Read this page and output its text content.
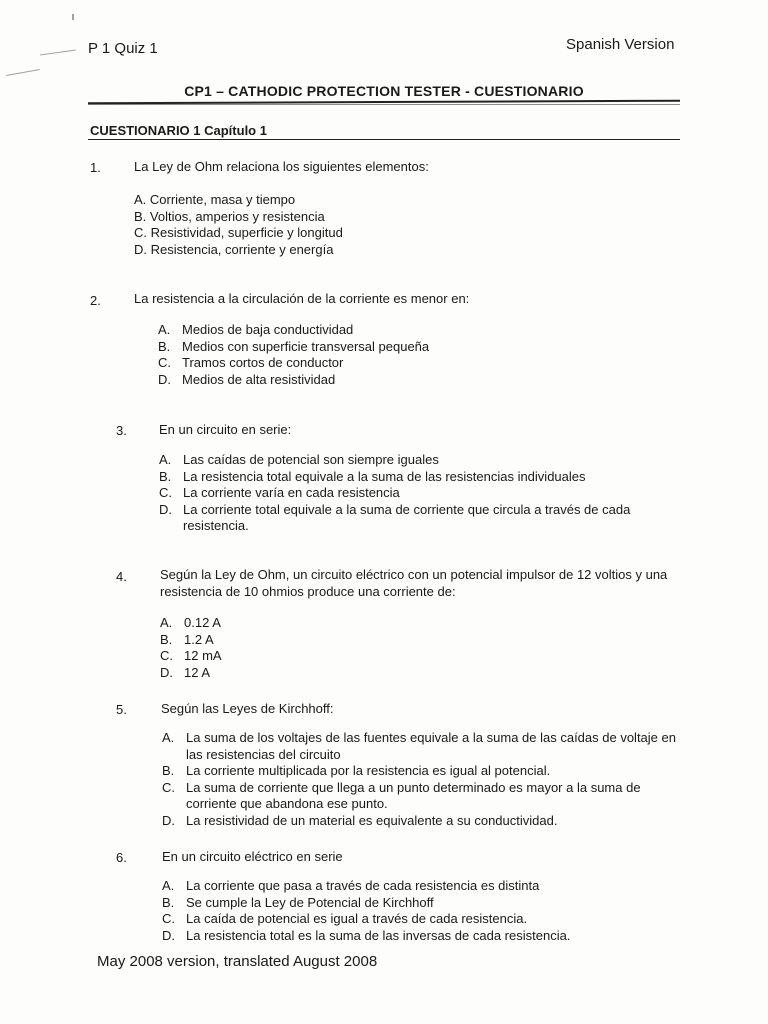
P 1 Quiz 1	Spanish Version
CP1 – CATHODIC PROTECTION TESTER - CUESTIONARIO
CUESTIONARIO 1 Capítulo 1
1.	La Ley de Ohm relaciona los siguientes elementos:
A. Corriente, masa y tiempo
B. Voltios, amperios y resistencia
C. Resistividad, superficie y longitud
D. Resistencia, corriente y energía
2.	La resistencia a la circulación de la corriente es menor en:
A. Medios de baja conductividad
B. Medios con superficie transversal pequeña
C. Tramos cortos de conductor
D. Medios de alta resistividad
3. En un circuito en serie:
A. Las caídas de potencial son siempre iguales
B. La resistencia total equivale a la suma de las resistencias individuales
C. La corriente varía en cada resistencia
D. La corriente total equivale a la suma de corriente que circula a través de cada resistencia.
4.	Según la Ley de Ohm, un circuito eléctrico con un potencial impulsor de 12 voltios y una resistencia de 10 ohmios produce una corriente de:
A. 0.12 A
B. 1.2 A
C. 12 mA
D. 12 A
5.	Según las Leyes de Kirchhoff:
A. La suma de los voltajes de las fuentes equivale a la suma de las caídas de voltaje en las resistencias del circuito
B. La corriente multiplicada por la resistencia es igual al potencial.
C. La suma de corriente que llega a un punto determinado es mayor a la suma de corriente que abandona ese punto.
D. La resistividad de un material es equivalente a su conductividad.
6.	En un circuito eléctrico en serie
A. La corriente que pasa a través de cada resistencia es distinta
B. Se cumple la Ley de Potencial de Kirchhoff
C. La caída de potencial es igual a través de cada resistencia.
D. La resistencia total es la suma de las inversas de cada resistencia.
May 2008 version, translated August 2008
